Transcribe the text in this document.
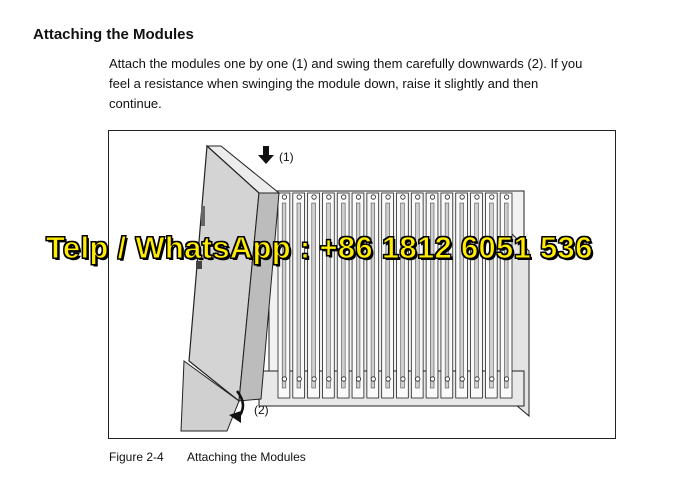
Attaching the Modules
Attach the modules one by one (1) and swing them carefully downwards (2). If you
feel a resistance when swinging the module down, raise it slightly and then
continue.
(1)
(2)
Figure 2-4 Attaching the Modules
Telp / WhatsApp : +86 1812 6051 536
